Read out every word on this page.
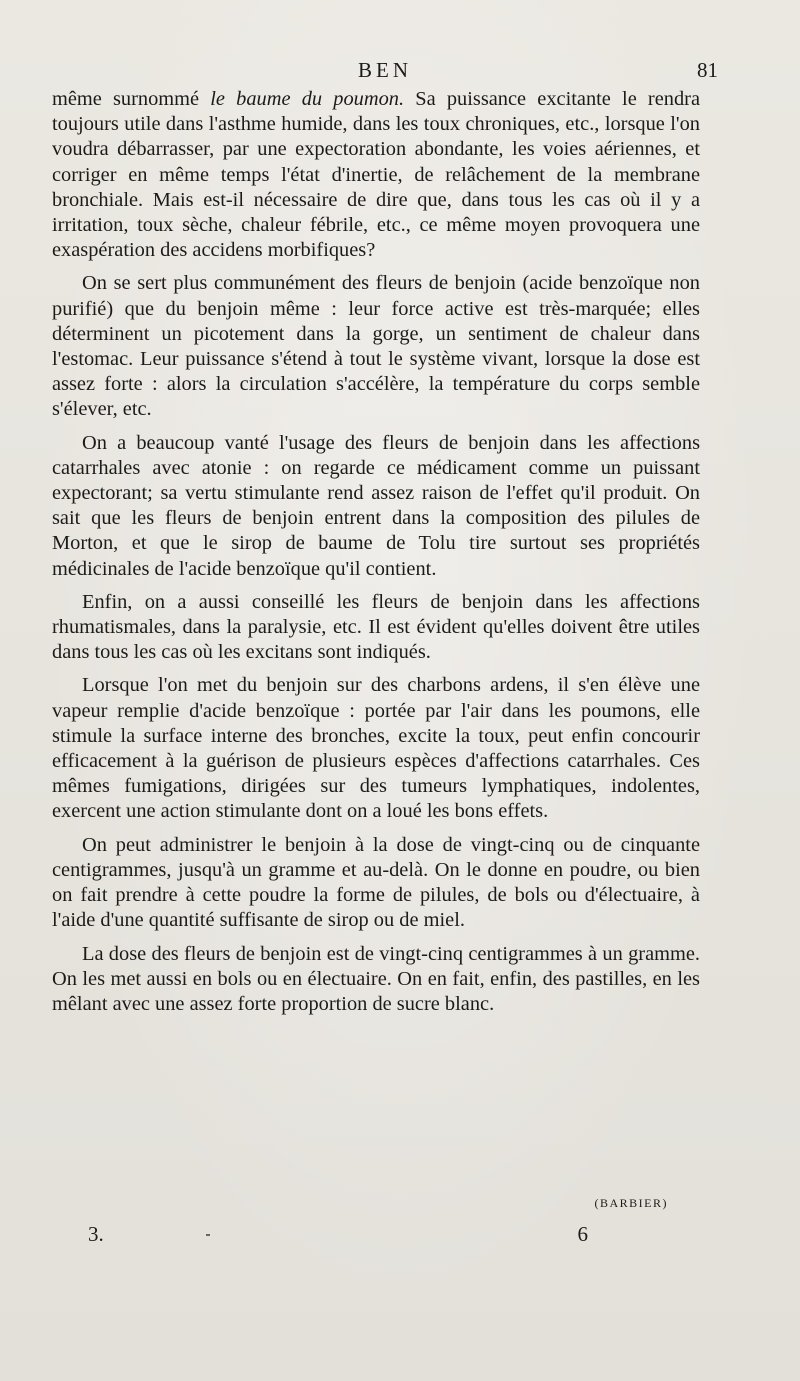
BEN	81

même surnommé le baume du poumon. Sa puissance excitante le rendra toujours utile dans l'asthme humide, dans les toux chroniques, etc., lorsque l'on voudra débarrasser, par une expectoration abondante, les voies aériennes, et corriger en même temps l'état d'inertie, de relâchement de la membrane bronchiale. Mais est-il nécessaire de dire que, dans tous les cas où il y a irritation, toux sèche, chaleur fébrile, etc., ce même moyen provoquera une exaspération des accidens morbifiques?

On se sert plus communément des fleurs de benjoin (acide benzoïque non purifié) que du benjoin même : leur force active est très-marquée; elles déterminent un picotement dans la gorge, un sentiment de chaleur dans l'estomac. Leur puissance s'étend à tout le système vivant, lorsque la dose est assez forte : alors la circulation s'accélère, la température du corps semble s'élever, etc.

On a beaucoup vanté l'usage des fleurs de benjoin dans les affections catarrhales avec atonie : on regarde ce médicament comme un puissant expectorant; sa vertu stimulante rend assez raison de l'effet qu'il produit. On sait que les fleurs de benjoin entrent dans la composition des pilules de Morton, et que le sirop de baume de Tolu tire surtout ses propriétés médicinales de l'acide benzoïque qu'il contient.

Enfin, on a aussi conseillé les fleurs de benjoin dans les affections rhumatismales, dans la paralysie, etc. Il est évident qu'elles doivent être utiles dans tous les cas où les excitans sont indiqués.

Lorsque l'on met du benjoin sur des charbons ardens, il s'en élève une vapeur remplie d'acide benzoïque : portée par l'air dans les poumons, elle stimule la surface interne des bronches, excite la toux, peut enfin concourir efficacement à la guérison de plusieurs espèces d'affections catarrhales. Ces mêmes fumigations, dirigées sur des tumeurs lymphatiques, indolentes, exercent une action stimulante dont on a loué les bons effets.

On peut administrer le benjoin à la dose de vingt-cinq ou de cinquante centigrammes, jusqu'à un gramme et au-delà. On le donne en poudre, ou bien on fait prendre à cette poudre la forme de pilules, de bols ou d'électuaire, à l'aide d'une quantité suffisante de sirop ou de miel.

La dose des fleurs de benjoin est de vingt-cinq centigrammes à un gramme. On les met aussi en bols ou en électuaire. On en fait, enfin, des pastilles, en les mêlant avec une assez forte proportion de sucre blanc.

(BARBIER)
3.	6
